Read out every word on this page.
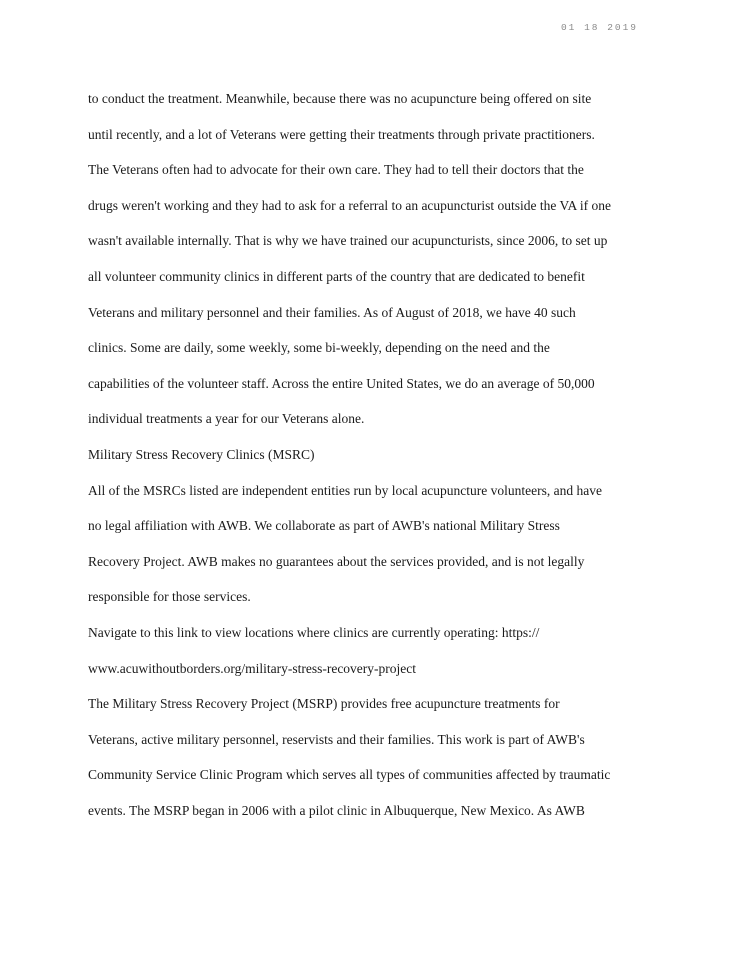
01 18 2019
to conduct the treatment. Meanwhile, because there was no acupuncture being offered on site
until recently, and a lot of Veterans were getting their treatments through private practitioners.
The Veterans often had to advocate for their own care. They had to tell their doctors that the
drugs weren't working and they had to ask for a referral to an acupuncturist outside the VA if one
wasn't available internally. That is why we have trained our acupuncturists, since 2006, to set up
all volunteer community clinics in different parts of the country that are dedicated to benefit
Veterans and military personnel and their families. As of August of 2018, we have 40 such
clinics. Some are daily, some weekly, some bi-weekly, depending on the need and the
capabilities of the volunteer staff. Across the entire United States, we do an average of 50,000
individual treatments a year for our Veterans alone.
Military Stress Recovery Clinics (MSRC)
All of the MSRCs listed are independent entities run by local acupuncture volunteers, and have
no legal affiliation with AWB. We collaborate as part of AWB's national Military Stress
Recovery Project. AWB makes no guarantees about the services provided, and is not legally
responsible for those services.
Navigate to this link to view locations where clinics are currently operating: https://
www.acuwithoutborders.org/military-stress-recovery-project
The Military Stress Recovery Project (MSRP) provides free acupuncture treatments for
Veterans, active military personnel, reservists and their families. This work is part of AWB's
Community Service Clinic Program which serves all types of communities affected by traumatic
events. The MSRP began in 2006 with a pilot clinic in Albuquerque, New Mexico. As AWB
